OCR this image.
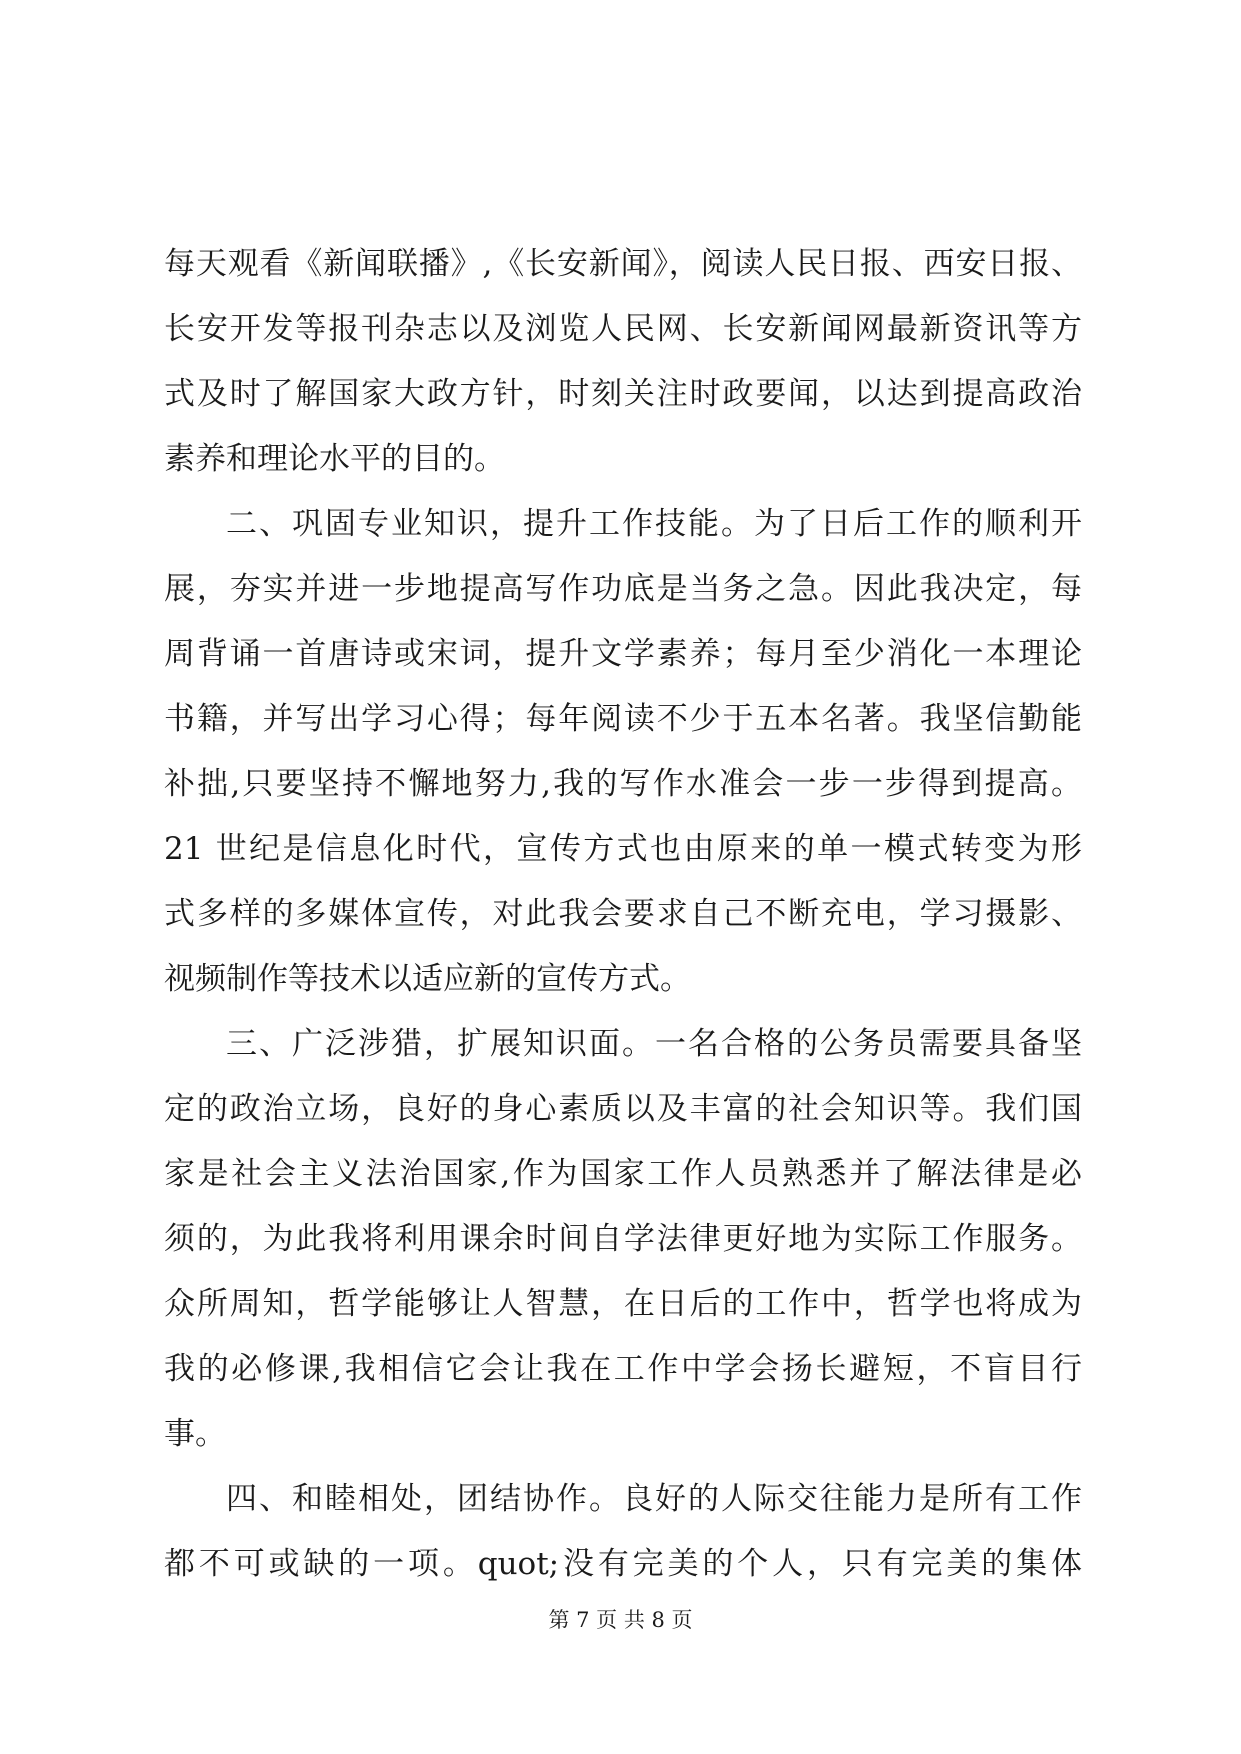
每天观看《新闻联播》,《长安新闻》，阅读人民日报、西安日报、
长安开发等报刊杂志以及浏览人民网、长安新闻网最新资讯等方
式及时了解国家大政方针，时刻关注时政要闻，以达到提高政治
素养和理论水平的目的。
二、巩固专业知识，提升工作技能。为了日后工作的顺利开
展，夯实并进一步地提高写作功底是当务之急。因此我决定，每
周背诵一首唐诗或宋词，提升文学素养；每月至少消化一本理论
书籍，并写出学习心得；每年阅读不少于五本名著。我坚信勤能
补拙,只要坚持不懈地努力,我的写作水准会一步一步得到提高。
21 世纪是信息化时代，宣传方式也由原来的单一模式转变为形
式多样的多媒体宣传，对此我会要求自己不断充电，学习摄影、
视频制作等技术以适应新的宣传方式。
三、广泛涉猎，扩展知识面。一名合格的公务员需要具备坚
定的政治立场，良好的身心素质以及丰富的社会知识等。我们国
家是社会主义法治国家,作为国家工作人员熟悉并了解法律是必
须的，为此我将利用课余时间自学法律更好地为实际工作服务。
众所周知，哲学能够让人智慧，在日后的工作中，哲学也将成为
我的必修课,我相信它会让我在工作中学会扬长避短，不盲目行
事。
四、和睦相处，团结协作。良好的人际交往能力是所有工作
都不可或缺的一项。quot;没有完美的个人，只有完美的集体
第 7 页 共 8 页
